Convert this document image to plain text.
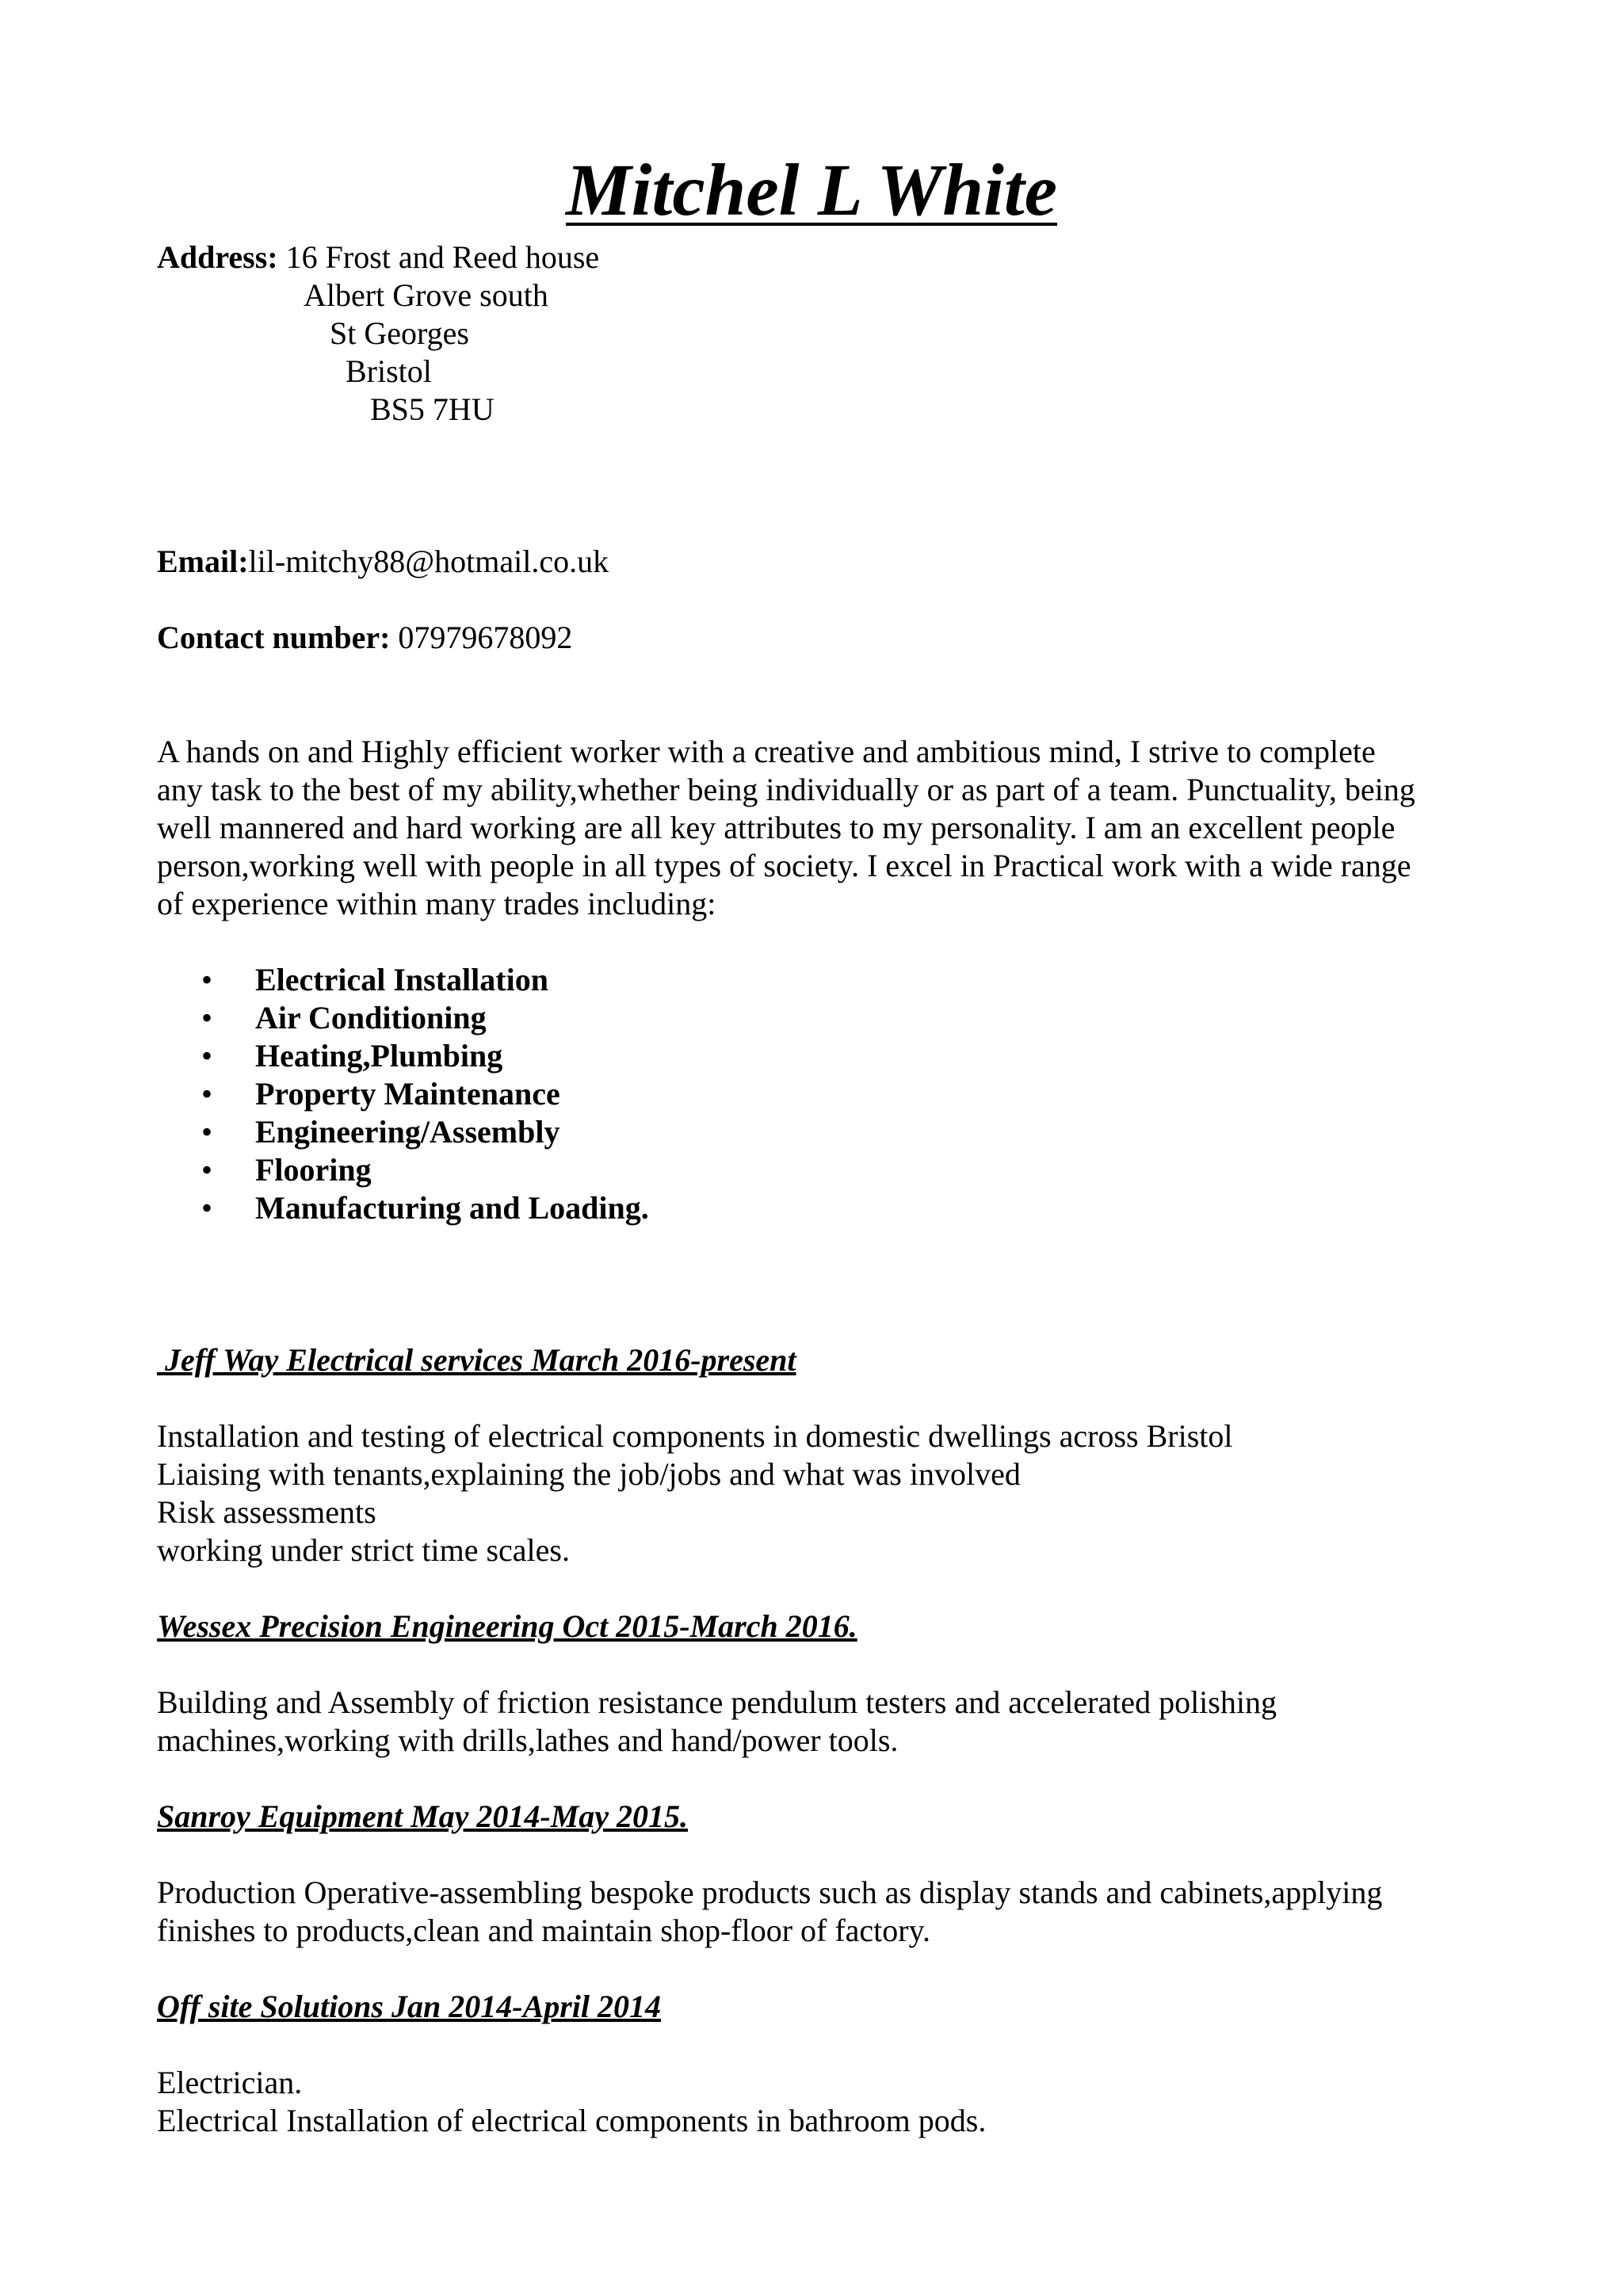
Mitchel L White
Address: 16 Frost and Reed house
Albert Grove south
St Georges
Bristol
BS5 7HU
Email:lil-mitchy88@hotmail.co.uk
Contact number: 07979678092
A hands on and Highly efficient worker with a creative and ambitious mind, I strive to complete
any task to the best of my ability,whether being individually or as part of a team. Punctuality, being
well mannered and hard working are all key attributes to my personality. I am an excellent people
person,working well with people in all types of society. I excel in Practical work with a wide range
of experience within many trades including:
• Electrical Installation
• Air Conditioning
• Heating,Plumbing
• Property Maintenance
• Engineering/Assembly
• Flooring
• Manufacturing and Loading.
Jeff Way Electrical services March 2016-present
Installation and testing of electrical components in domestic dwellings across Bristol
Liaising with tenants,explaining the job/jobs and what was involved
Risk assessments
working under strict time scales.
Wessex Precision Engineering Oct 2015-March 2016.
Building and Assembly of friction resistance pendulum testers and accelerated polishing
machines,working with drills,lathes and hand/power tools.
Sanroy Equipment May 2014-May 2015.
Production Operative-assembling bespoke products such as display stands and cabinets,applying
finishes to products,clean and maintain shop-floor of factory.
Off site Solutions Jan 2014-April 2014
Electrician.
Electrical Installation of electrical components in bathroom pods.
